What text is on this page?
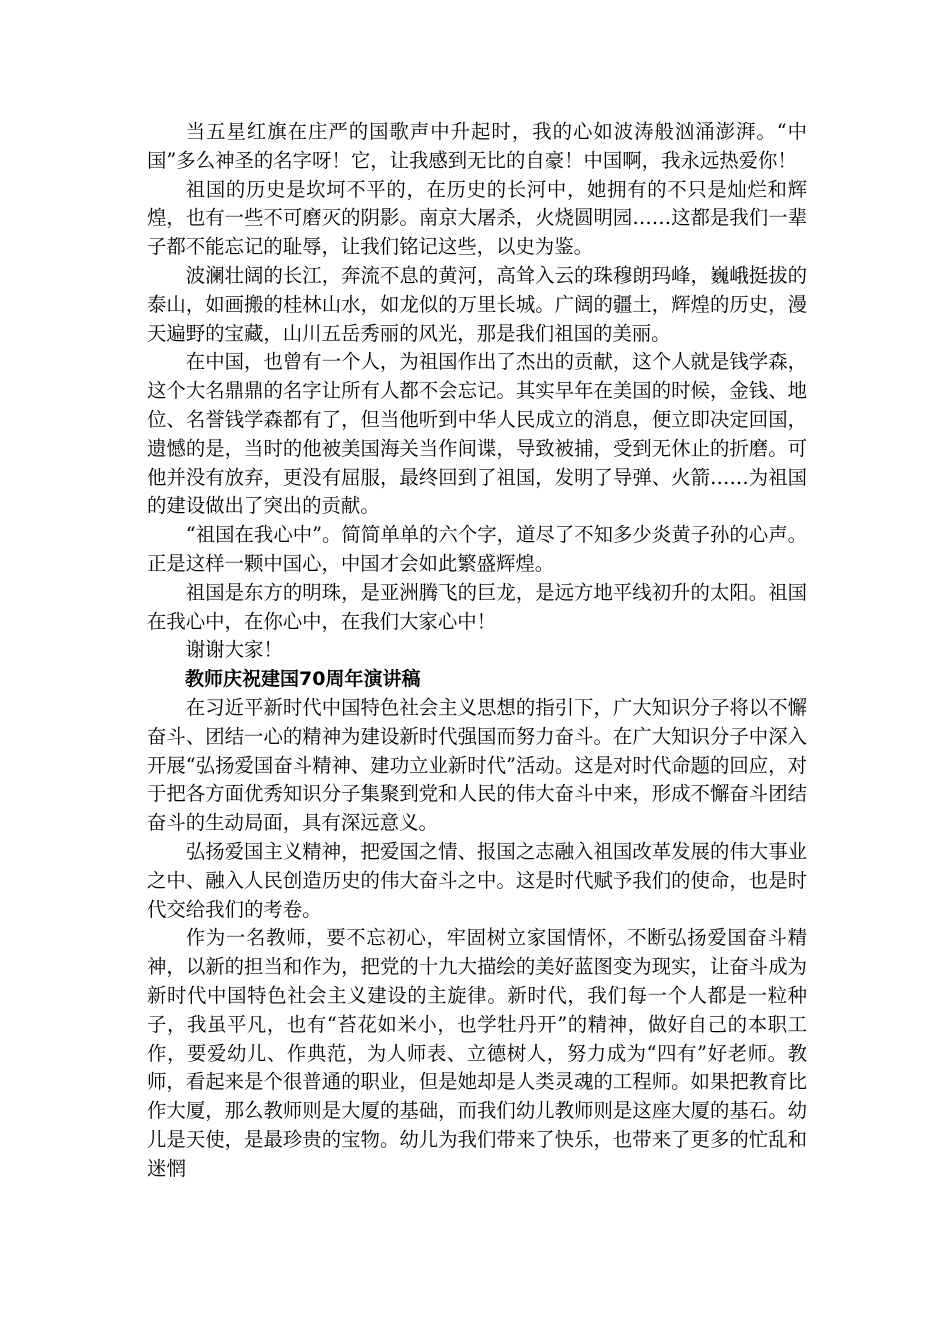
当五星红旗在庄严的国歌声中升起时，我的心如波涛般汹涌澎湃。“中国”多么神圣的名字呀！它，让我感到无比的自豪！中国啊，我永远热爱你！

祖国的历史是坎坷不平的，在历史的长河中，她拥有的不只是灿烂和辉煌，也有一些不可磨灭的阴影。南京大屠杀，火烧圆明园……这都是我们一辈子都不能忘记的耻辱，让我们铭记这些，以史为鉴。

波澜壮阔的长江，奔流不息的黄河，高耸入云的珠穆朗玛峰，巍峨挺拔的泰山，如画搬的桂林山水，如龙似的万里长城。广阔的疆土，辉煌的历史，漫天遍野的宝藏，山川五岳秀丽的风光，那是我们祖国的美丽。

在中国，也曾有一个人，为祖国作出了杰出的贡献，这个人就是钱学森，这个大名鼎鼎的名字让所有人都不会忘记。其实早年在美国的时候，金钱、地位、名誉钱学森都有了，但当他听到中华人民成立的消息，便立即决定回国，遗憾的是，当时的他被美国海关当作间谍，导致被捕，受到无休止的折磨。可他并没有放弃，更没有屈服，最终回到了祖国，发明了导弹、火箭……为祖国的建设做出了突出的贡献。

“祖国在我心中”。简简单单的六个字，道尽了不知多少炎黄子孙的心声。正是这样一颗中国心，中国才会如此繁盛辉煌。

祖国是东方的明珠，是亚洲腾飞的巨龙，是远方地平线初升的太阳。祖国在我心中，在你心中，在我们大家心中！

谢谢大家！

教师庆祝建国70周年演讲稿

在习近平新时代中国特色社会主义思想的指引下，广大知识分子将以不懈奋斗、团结一心的精神为建设新时代强国而努力奋斗。在广大知识分子中深入开展“弘扬爱国奋斗精神、建功立业新时代”活动。这是对时代命题的回应，对于把各方面优秀知识分子集聚到党和人民的伟大奋斗中来，形成不懈奋斗团结奋斗的生动局面，具有深远意义。

弘扬爱国主义精神，把爱国之情、报国之志融入祖国改革发展的伟大事业之中、融入人民创造历史的伟大奋斗之中。这是时代赋予我们的使命，也是时代交给我们的考卷。

作为一名教师，要不忘初心，牢固树立家国情怀，不断弘扬爱国奋斗精神，以新的担当和作为，把党的十九大描绘的美好蓝图变为现实，让奋斗成为新时代中国特色社会主义建设的主旋律。新时代，我们每一个人都是一粒种子，我虽平凡，也有“苔花如米小，也学牡丹开”的精神，做好自己的本职工作，要爱幼儿、作典范，为人师表、立德树人，努力成为“四有”好老师。教师，看起来是个很普通的职业，但是她却是人类灵魂的工程师。如果把教育比作大厦，那么教师则是大厦的基础，而我们幼儿教师则是这座大厦的基石。幼儿是天使，是最珍贵的宝物。幼儿为我们带来了快乐，也带来了更多的忙乱和迷惘
